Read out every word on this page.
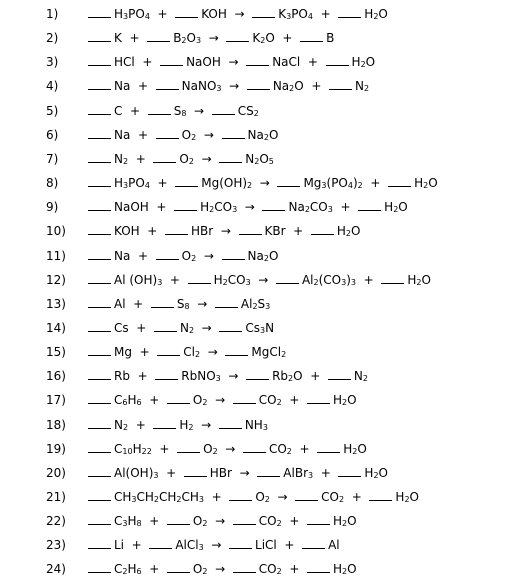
1)	$H_3PO_4$  +  KOH  →  $K_3PO_4 + H_2O$
2)	$K + B_2O_3 \to K_2O + B$
3)	HCl  +  NaOH  →  NaCl  +  $H_2O$
4)	Na  +  NaNO$_3$  →  $Na_2O + N_2$
5)	$C + S_8 \to CS_2$
6)	$Na + O_2 \to Na_2O$
7)	$N_2 + O_2 \to N_2O_5$
8)	$H_3PO_4 + Mg(OH)_2 \to Mg_3(PO_4)_2 + H_2O$
9)	NaOH  +  $H_2CO_3 \to Na_2CO_3 + H_2O$
10)	KOH  +  HBr  →  KBr  +  $H_2O$
11)	$Na + O_2 \to Na_2O$
12)	Al $(OH)_3 + H_2CO_3 \to Al_2(CO_3)_3 + H_2O$
13)	$Al + S_8 \to Al_2S_3$
14)	$Cs + N_2 \to Cs_3N$
15)	$Mg + Cl_2$  →  MgCl$_2$
16)	Rb  +  RbNO$_3$  →  $Rb_2O + N_2$
17)	$C_6H_6 + O_2 \to CO_2 + H_2O$
18)	$N_2 + H_2 \to NH_3$
19)	$C_{10}H_{22} + O_2 \to CO_2 + H_2O$
20)	$Al(OH)_3$  +  HBr  →  AlBr$_3$  +  $H_2O$
21)	$CH_3CH_2CH_2CH_3 + O_2 \to CO_2 + H_2O$
22)	$C_3H_8 + O_2 \to CO_2 + H_2O$
23)	Li  +  AlCl$_3$  →  LiCl  +  Al
24)	$C_2H_6 + O_2 \to CO_2 + H_2O$
